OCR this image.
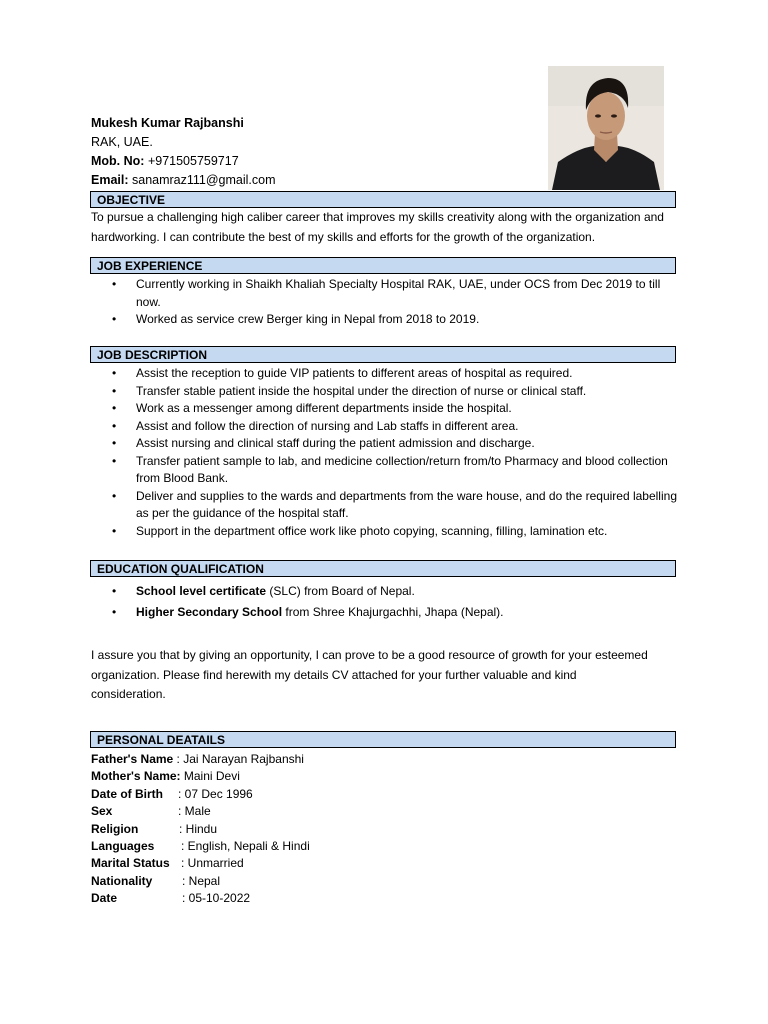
Mukesh Kumar Rajbanshi
RAK, UAE.
Mob. No: +971505759717
Email: sanamraz111@gmail.com
OBJECTIVE
To pursue a challenging high caliber career that improves my skills creativity along with the organization and hardworking. I can contribute the best of my skills and efforts for the growth of the organization.
JOB EXPERIENCE
• Currently working in Shaikh Khaliah Specialty Hospital RAK, UAE, under OCS from Dec 2019 to till now.
• Worked as service crew Berger king in Nepal from 2018 to 2019.
JOB DESCRIPTION
• Assist the reception to guide VIP patients to different areas of hospital as required.
• Transfer stable patient inside the hospital under the direction of nurse or clinical staff.
• Work as a messenger among different departments inside the hospital.
• Assist and follow the direction of nursing and Lab staffs in different area.
• Assist nursing and clinical staff during the patient admission and discharge.
• Transfer patient sample to lab, and medicine collection/return from/to Pharmacy and blood collection from Blood Bank.
• Deliver and supplies to the wards and departments from the ware house, and do the required labelling as per the guidance of the hospital staff.
• Support in the department office work like photo copying, scanning, filling, lamination etc.
EDUCATION QUALIFICATION
• School level certificate (SLC) from Board of Nepal.
• Higher Secondary School from Shree Khajurgachhi, Jhapa (Nepal).
I assure you that by giving an opportunity, I can prove to be a good resource of growth for your esteemed organization. Please find herewith my details CV attached for your further valuable and kind consideration.
PERSONAL DEATAILS
Father's Name : Jai Narayan Rajbanshi
Mother's Name: Maini Devi
Date of Birth : 07 Dec 1996
Sex	: Male
Religion	: Hindu
Languages : English, Nepali & Hindi
Marital Status : Unmarried
Nationality : Nepal
Date	: 05-10-2022
